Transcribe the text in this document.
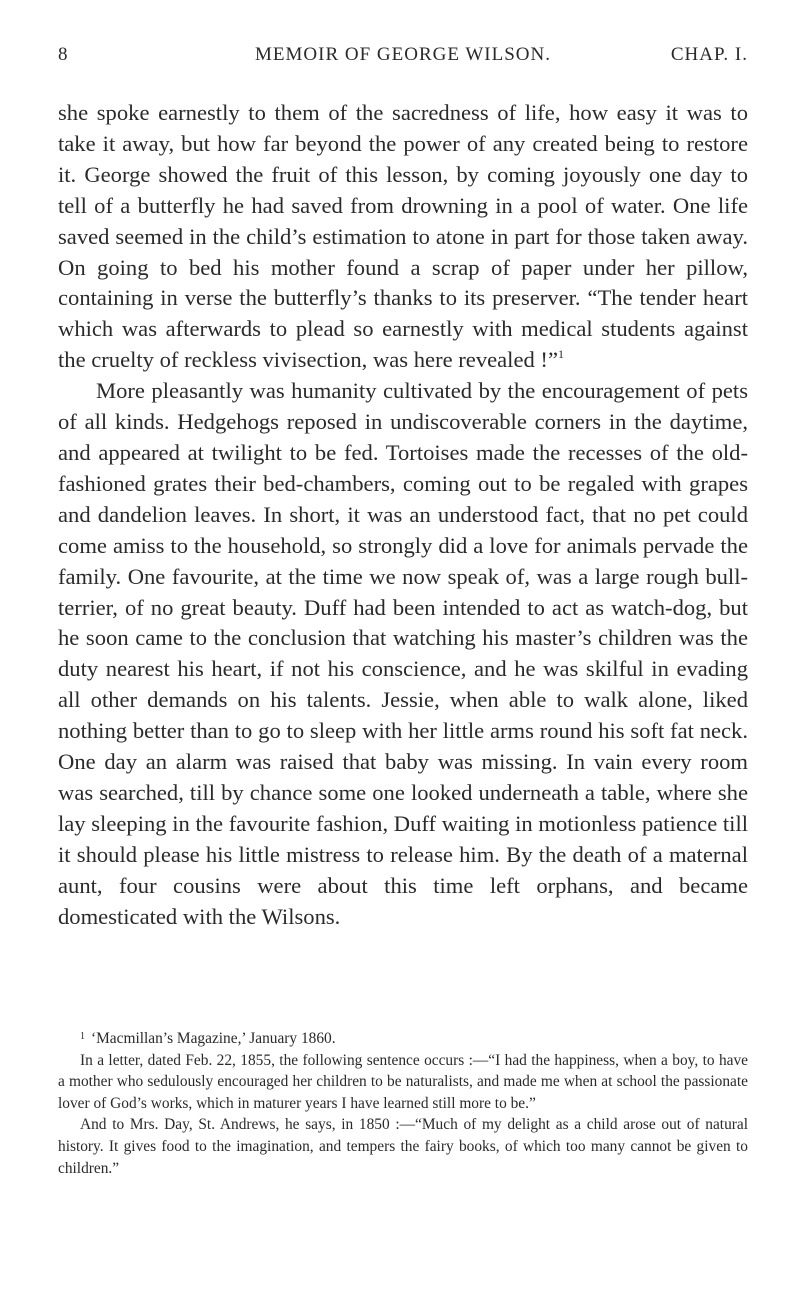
8	MEMOIR OF GEORGE WILSON.	CHAP. I.

she spoke earnestly to them of the sacredness of life, how easy it was to take it away, but how far beyond the power of any created being to restore it. George showed the fruit of this lesson, by coming joyously one day to tell of a butterfly he had saved from drowning in a pool of water. One life saved seemed in the child’s estimation to atone in part for those taken away. On going to bed his mother found a scrap of paper under her pillow, containing in verse the butterfly’s thanks to its preserver. “The tender heart which was afterwards to plead so earnestly with medical students against the cruelty of reckless vivisection, was here revealed !”$^1$

More pleasantly was humanity cultivated by the encouragement of pets of all kinds. Hedgehogs reposed in undiscoverable corners in the daytime, and appeared at twilight to be fed. Tortoises made the recesses of the old-fashioned grates their bed-chambers, coming out to be regaled with grapes and dandelion leaves. In short, it was an understood fact, that no pet could come amiss to the household, so strongly did a love for animals pervade the family. One favourite, at the time we now speak of, was a large rough bull-terrier, of no great beauty. Duff had been intended to act as watch-dog, but he soon came to the conclusion that watching his master’s children was the duty nearest his heart, if not his conscience, and he was skilful in evading all other demands on his talents. Jessie, when able to walk alone, liked nothing better than to go to sleep with her little arms round his soft fat neck. One day an alarm was raised that baby was missing. In vain every room was searched, till by chance some one looked underneath a table, where she lay sleeping in the favourite fashion, Duff waiting in motionless patience till it should please his little mistress to release him. By the death of a maternal aunt, four cousins were about this time left orphans, and became domesticated with the Wilsons.

$^1$ ‘Macmillan’s Magazine,’ January 1860.

In a letter, dated Feb. 22, 1855, the following sentence occurs :—“I had the happiness, when a boy, to have a mother who sedulously encouraged her children to be naturalists, and made me when at school the passionate lover of God’s works, which in maturer years I have learned still more to be.”

And to Mrs. Day, St. Andrews, he says, in 1850 :—“Much of my delight as a child arose out of natural history. It gives food to the imagination, and tempers the fairy books, of which too many cannot be given to children.”
